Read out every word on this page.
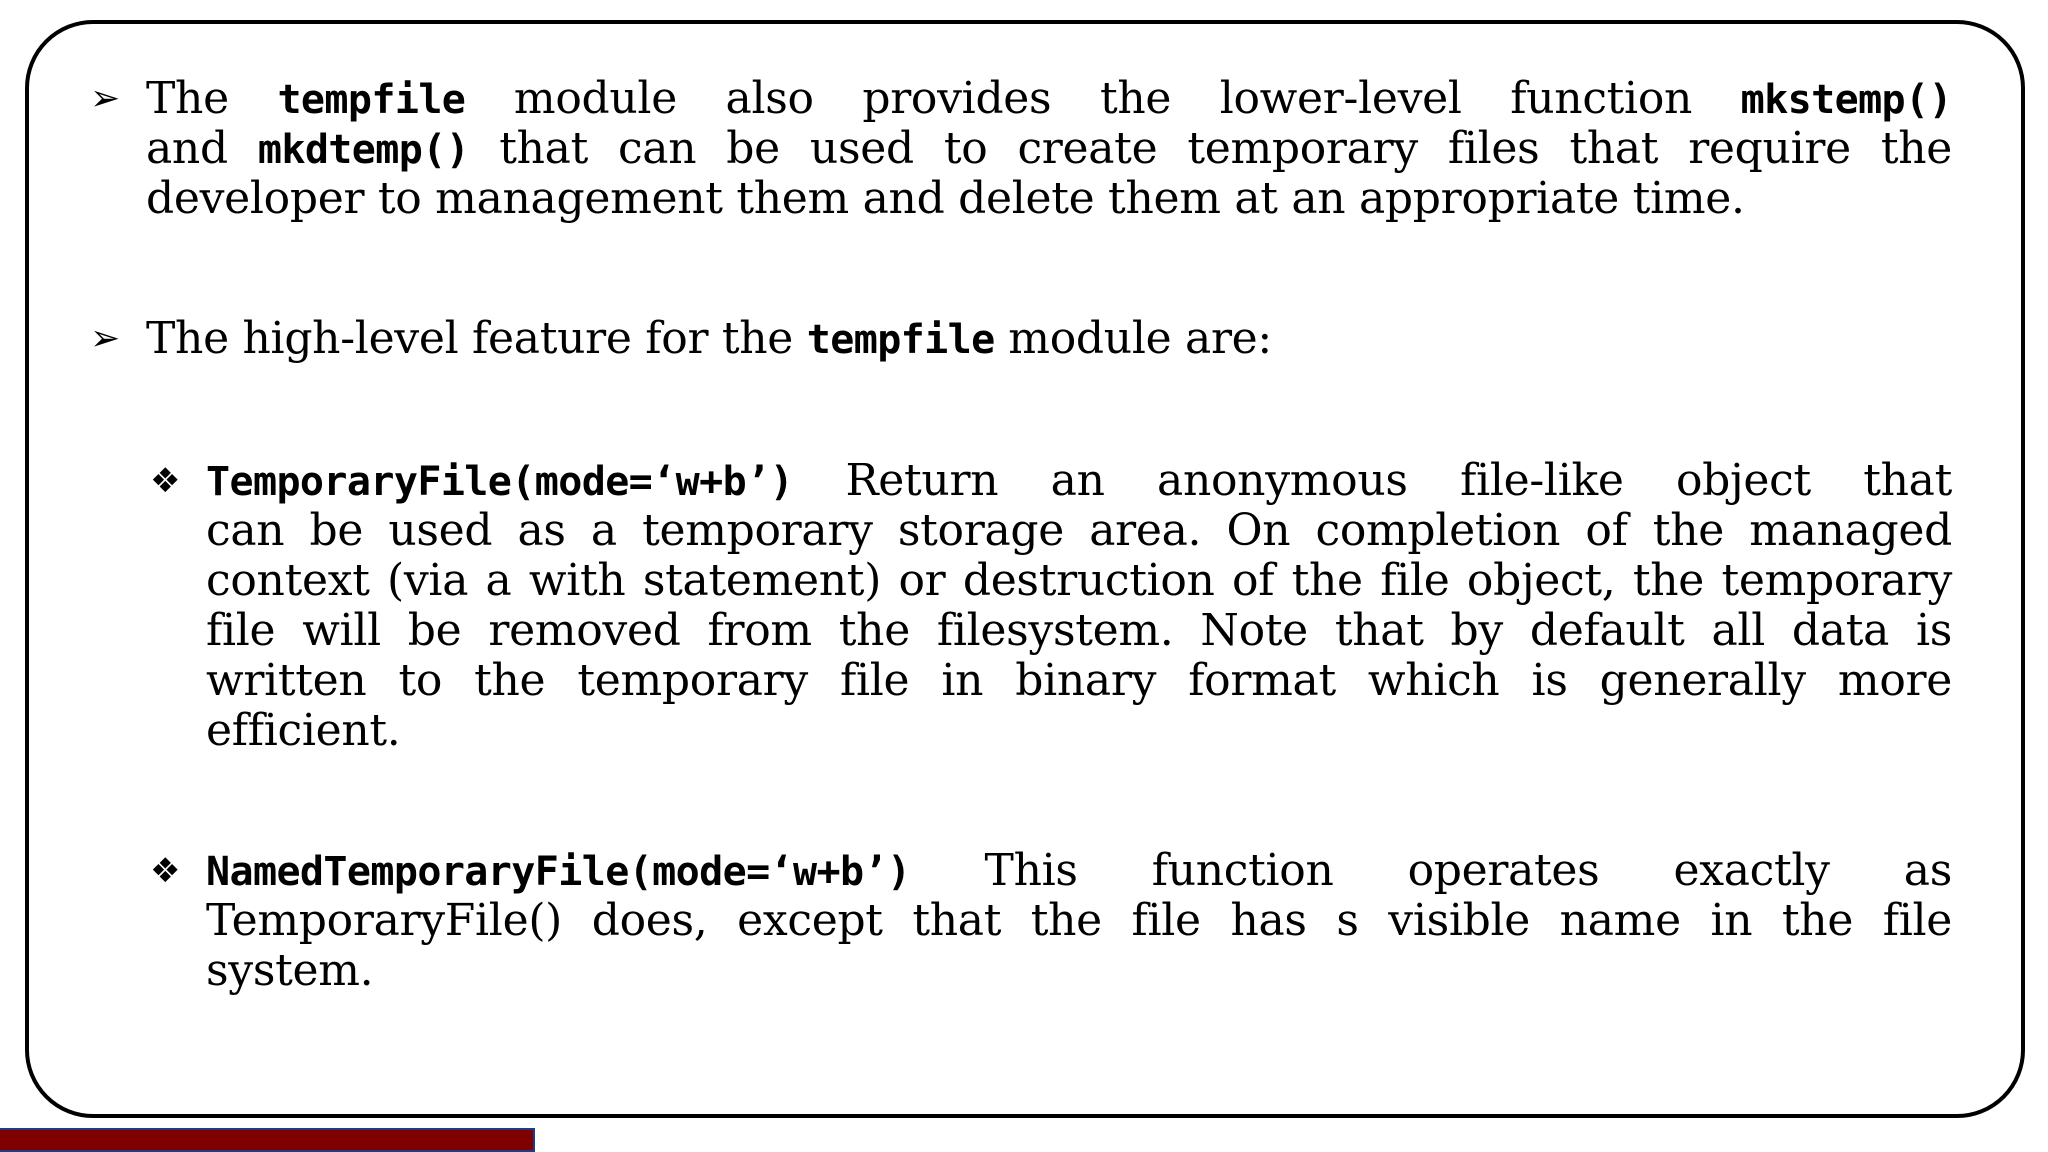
➢ The tempfile module also provides the lower-level function mkstemp()
and mkdtemp() that can be used to create temporary files that require the
developer to management them and delete them at an appropriate time.
➢ The high-level feature for the tempfile module are:
❖ TemporaryFile(mode=‘w+b’) Return an anonymous file-like object that
can be used as a temporary storage area. On completion of the managed
context (via a with statement) or destruction of the file object, the temporary
file will be removed from the filesystem. Note that by default all data is
written to the temporary file in binary format which is generally more
efficient.
❖ NamedTemporaryFile(mode=‘w+b’) This function operates exactly as
TemporaryFile() does, except that the file has s visible name in the file
system.
